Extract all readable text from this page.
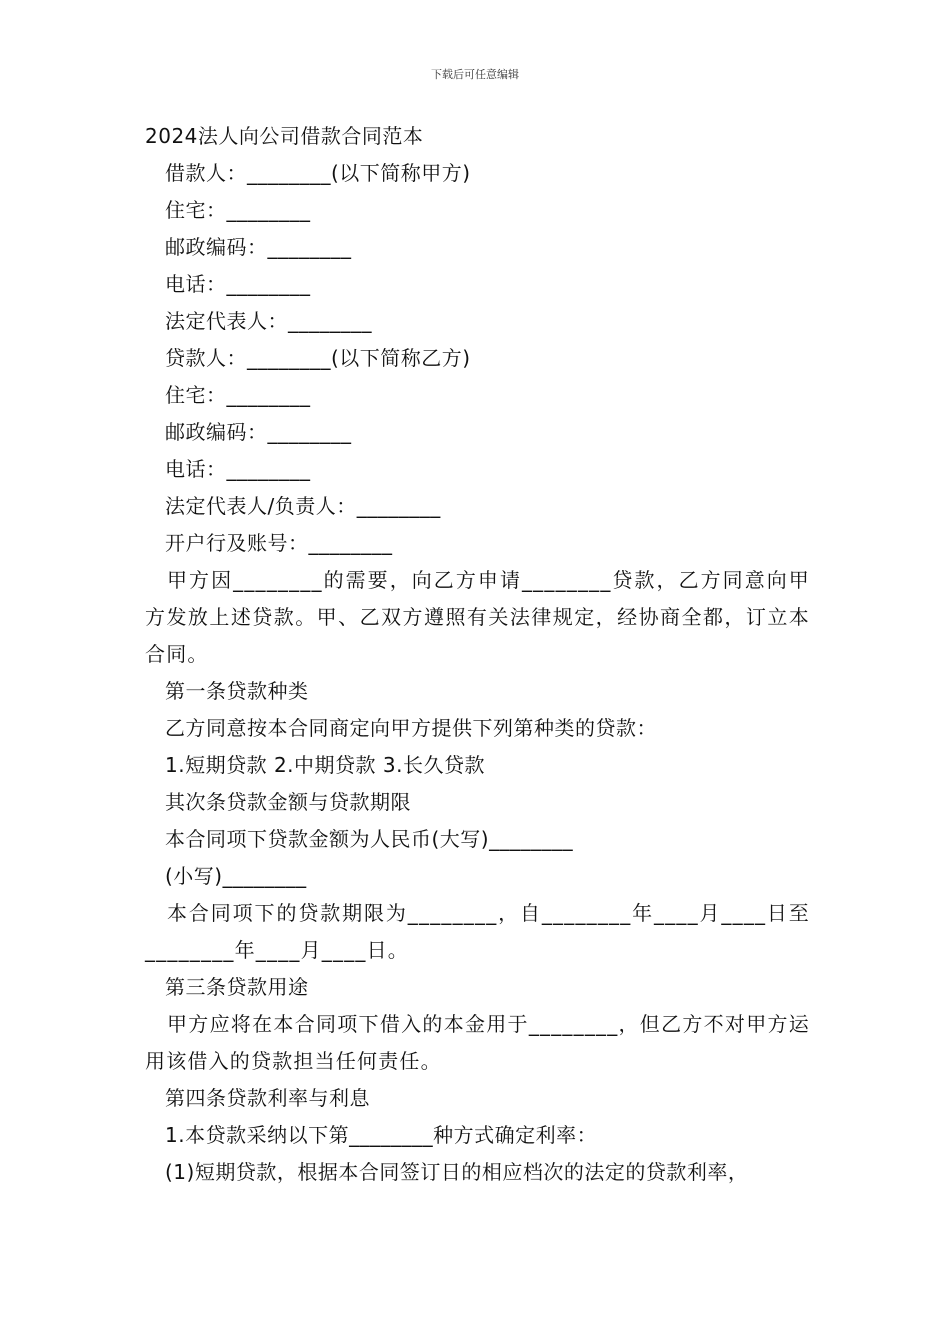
下载后可任意编辑
2024法人向公司借款合同范本
借款人：________(以下简称甲方)
住宅：________
邮政编码：________
电话：________
法定代表人：________
贷款人：________(以下简称乙方)
住宅：________
邮政编码：________
电话：________
法定代表人/负责人：________
开户行及账号：________
甲方因________的需要，向乙方申请________贷款，乙方同意向甲方发放上述贷款。甲、乙双方遵照有关法律规定，经协商全都，订立本合同。
第一条贷款种类
乙方同意按本合同商定向甲方提供下列第种类的贷款：
1.短期贷款 2.中期贷款 3.长久贷款
其次条贷款金额与贷款期限
本合同项下贷款金额为人民币(大写)________
(小写)________
本合同项下的贷款期限为________，自________年____月____日至________年____月____日。
第三条贷款用途
甲方应将在本合同项下借入的本金用于________，但乙方不对甲方运用该借入的贷款担当任何责任。
第四条贷款利率与利息
1.本贷款采纳以下第________种方式确定利率：
(1)短期贷款，根据本合同签订日的相应档次的法定的贷款利率，
